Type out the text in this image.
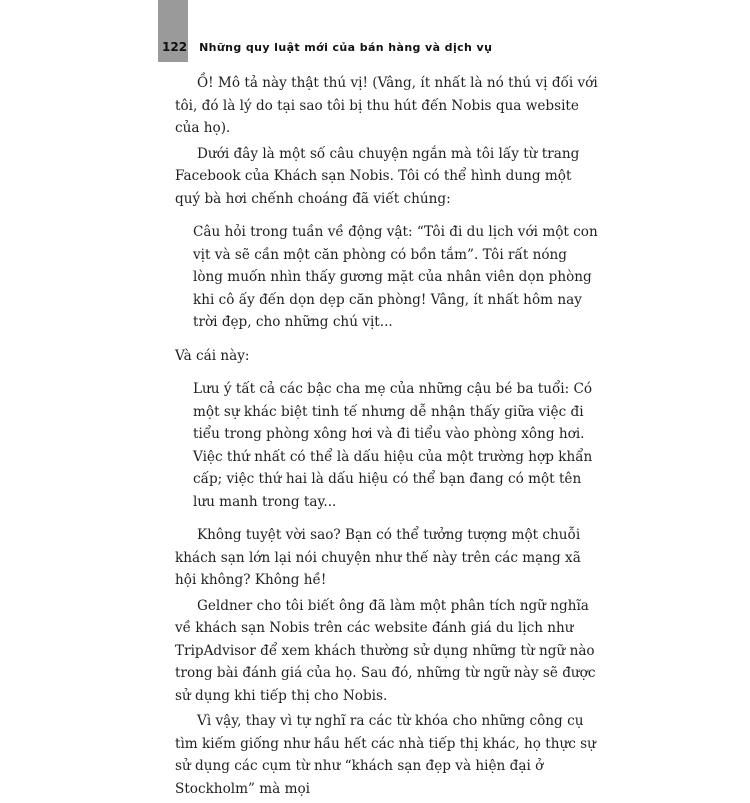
122 Những quy luật mới của bán hàng và dịch vụ

Ồ! Mô tả này thật thú vị! (Vâng, ít nhất là nó thú vị đối với tôi, đó là lý do tại sao tôi bị thu hút đến Nobis qua website của họ).

Dưới đây là một số câu chuyện ngắn mà tôi lấy từ trang Facebook của Khách sạn Nobis. Tôi có thể hình dung một quý bà hơi chếnh choáng đã viết chúng:

Câu hỏi trong tuần về động vật: “Tôi đi du lịch với một con vịt và sẽ cần một căn phòng có bồn tắm”. Tôi rất nóng lòng muốn nhìn thấy gương mặt của nhân viên dọn phòng khi cô ấy đến dọn dẹp căn phòng! Vâng, ít nhất hôm nay trời đẹp, cho những chú vịt...

Và cái này:

Lưu ý tất cả các bậc cha mẹ của những cậu bé ba tuổi: Có một sự khác biệt tinh tế nhưng dễ nhận thấy giữa việc đi tiểu trong phòng xông hơi và đi tiểu vào phòng xông hơi. Việc thứ nhất có thể là dấu hiệu của một trường hợp khẩn cấp; việc thứ hai là dấu hiệu có thể bạn đang có một tên lưu manh trong tay...

Không tuyệt vời sao? Bạn có thể tưởng tượng một chuỗi khách sạn lớn lại nói chuyện như thế này trên các mạng xã hội không? Không hề!

Geldner cho tôi biết ông đã làm một phân tích ngữ nghĩa về khách sạn Nobis trên các website đánh giá du lịch như TripAdvisor để xem khách thường sử dụng những từ ngữ nào trong bài đánh giá của họ. Sau đó, những từ ngữ này sẽ được sử dụng khi tiếp thị cho Nobis.

Vì vậy, thay vì tự nghĩ ra các từ khóa cho những công cụ tìm kiếm giống như hầu hết các nhà tiếp thị khác, họ thực sự sử dụng các cụm từ như “khách sạn đẹp và hiện đại ở Stockholm” mà mọi
